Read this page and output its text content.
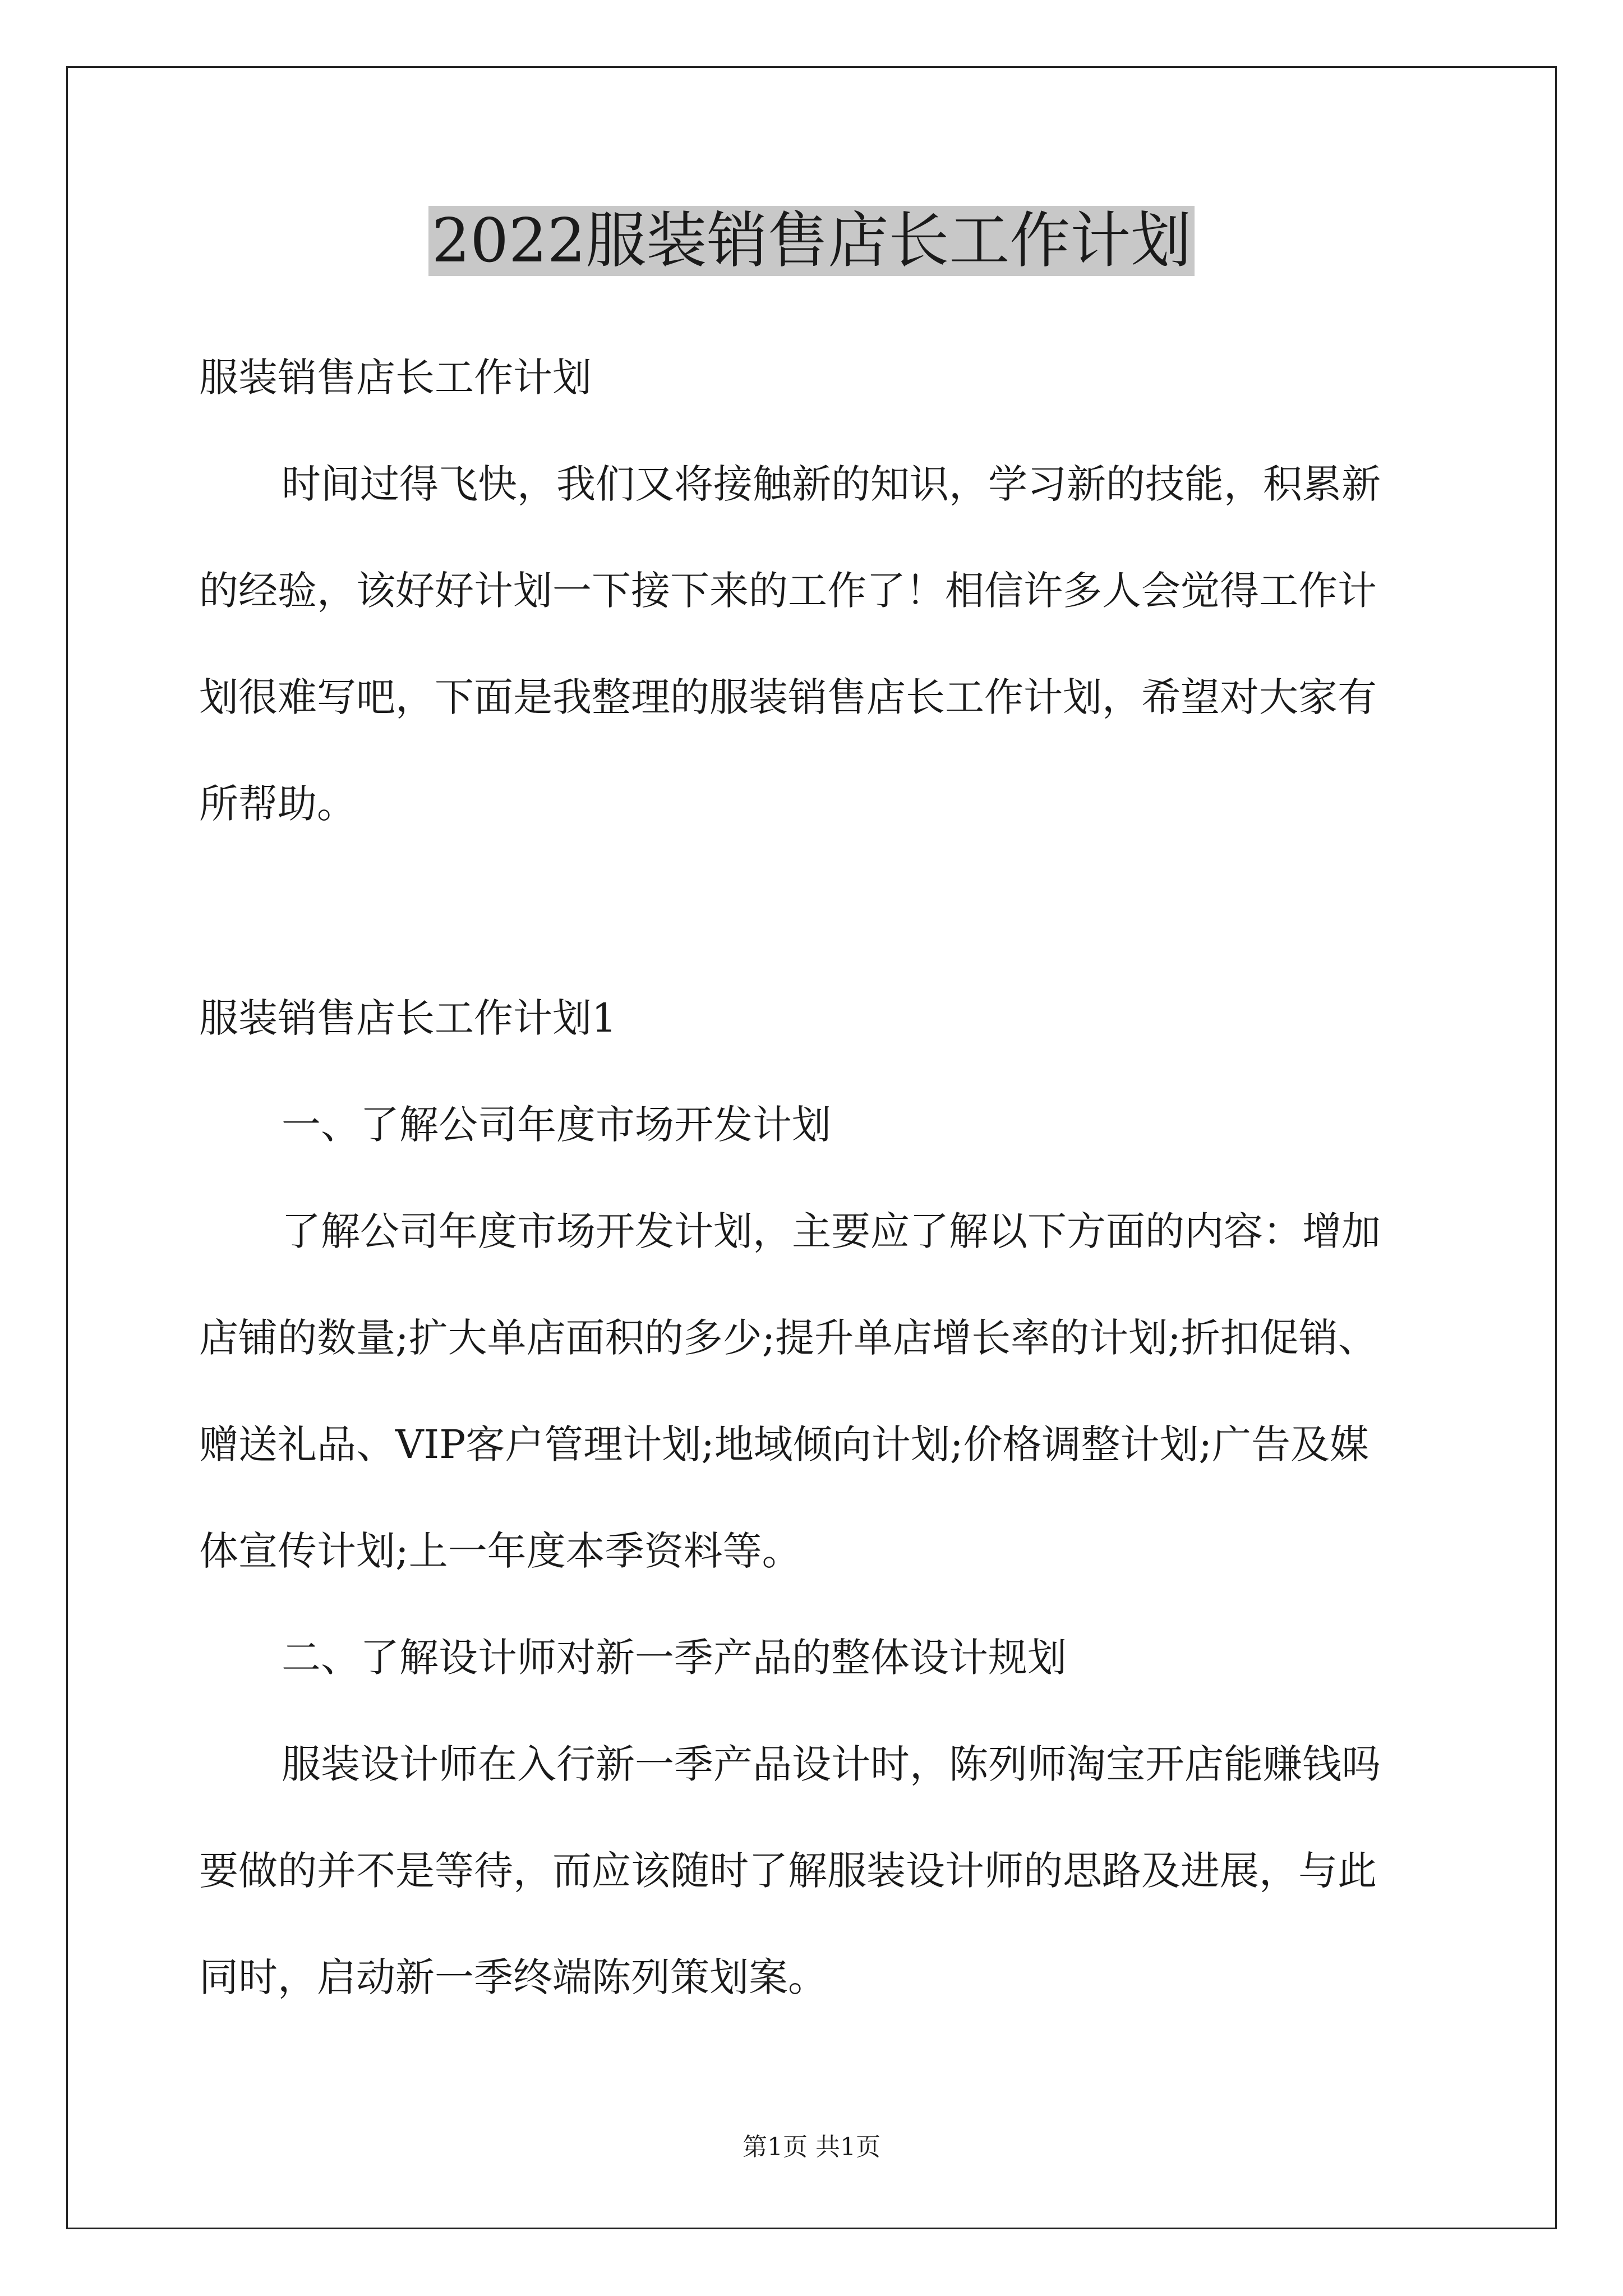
2022服装销售店长工作计划

服装销售店长工作计划

时间过得飞快，我们又将接触新的知识，学习新的技能，积累新

的经验，该好好计划一下接下来的工作了！相信许多人会觉得工作计

划很难写吧，下面是我整理的服装销售店长工作计划，希望对大家有

所帮助。

服装销售店长工作计划1

一、了解公司年度市场开发计划

了解公司年度市场开发计划，主要应了解以下方面的内容：增加

店铺的数量;扩大单店面积的多少;提升单店增长率的计划;折扣促销、

赠送礼品、VIP客户管理计划;地域倾向计划;价格调整计划;广告及媒

体宣传计划;上一年度本季资料等。

二、了解设计师对新一季产品的整体设计规划

服装设计师在入行新一季产品设计时，陈列师淘宝开店能赚钱吗

要做的并不是等待，而应该随时了解服装设计师的思路及进展，与此

同时，启动新一季终端陈列策划案。

第1页 共1页
